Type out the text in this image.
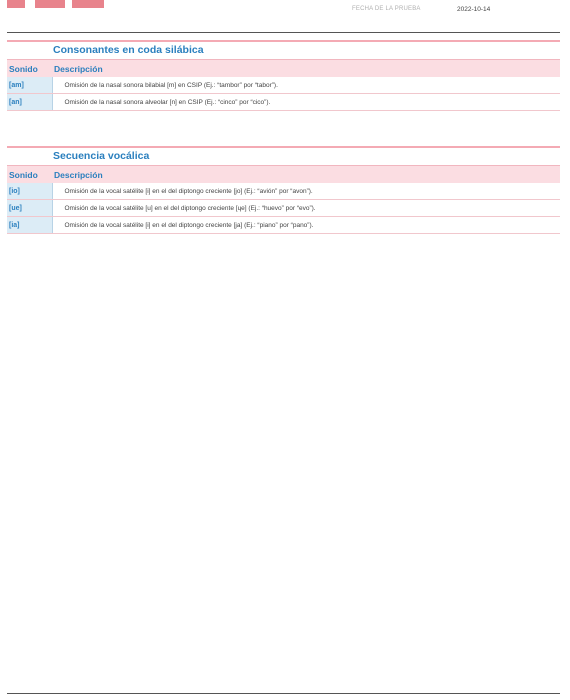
FECHA DE LA PRUEBA	2022-10-14
Consonantes en coda silábica
Sonido	Descripción
[am]	Omisión de la nasal sonora bilabial [m] en CSIP (Ej.: “tambor” por “tabor”).
[an]	Omisión de la nasal sonora alveolar [n] en CSIP (Ej.: “cinco” por “cico”).
Secuencia vocálica
Sonido	Descripción
[io]	Omisión de la vocal satélite [i] en el del diptongo creciente [jo] (Ej.: “avión” por “avon”).
[ue]	Omisión de la vocal satélite [u] en el del diptongo creciente [ɥe] (Ej.: “huevo” por “evo”).
[ia]	Omisión de la vocal satélite [i] en el del diptongo creciente [ja] (Ej.: “piano” por “pano”).
